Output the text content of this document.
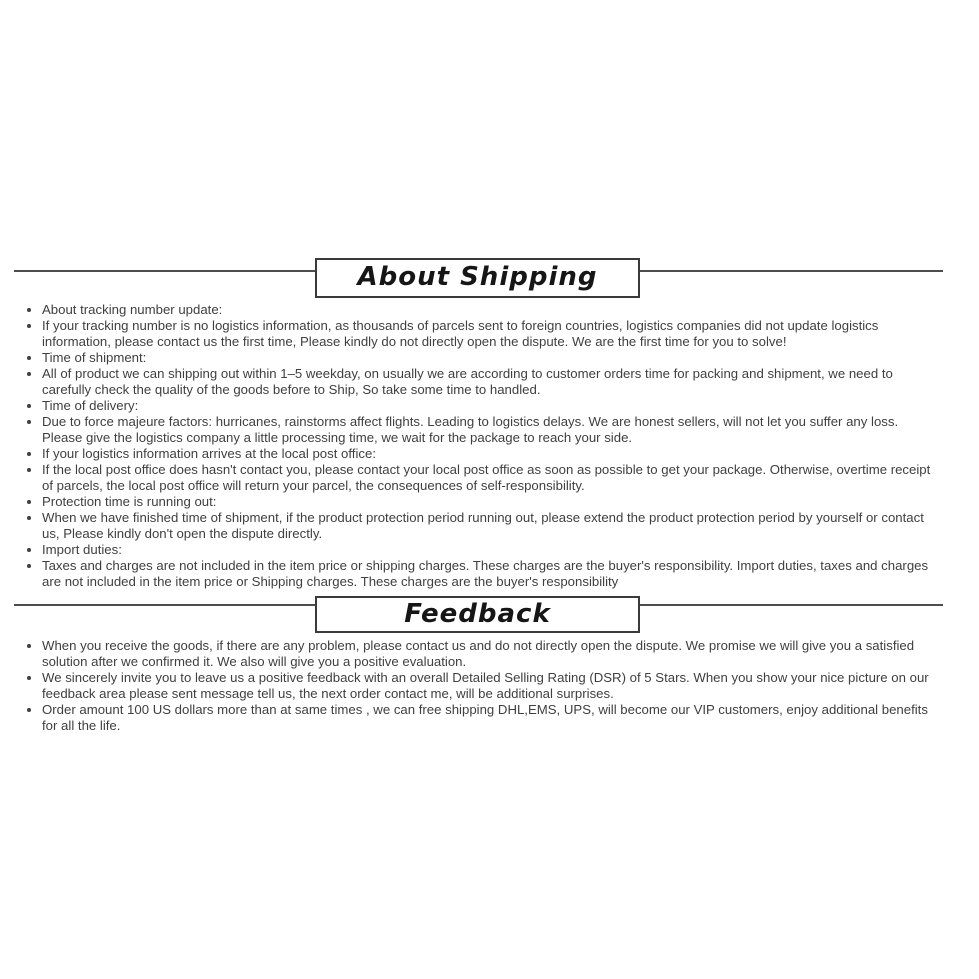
About Shipping
• About tracking number update:
• If your tracking number is no logistics information, as thousands of parcels sent to foreign countries, logistics companies did not update logistics information, please contact us the first time, Please kindly do not directly open the dispute. We are the first time for you to solve!
• Time of shipment:
• All of product we can shipping out within 1–5 weekday, on usually we are according to customer orders time for packing and shipment, we need to carefully check the quality of the goods before to Ship, So take some time to handled.
• Time of delivery:
• Due to force majeure factors: hurricanes, rainstorms affect flights. Leading to logistics delays. We are honest sellers, will not let you suffer any loss. Please give the logistics company a little processing time, we wait for the package to reach your side.
• If your logistics information arrives at the local post office:
• If the local post office does hasn't contact you, please contact your local post office as soon as possible to get your package. Otherwise, overtime receipt of parcels, the local post office will return your parcel, the consequences of self-responsibility.
• Protection time is running out:
• When we have finished time of shipment, if the product protection period running out, please extend the product protection period by yourself or contact us, Please kindly don't open the dispute directly.
• Import duties:
• Taxes and charges are not included in the item price or shipping charges. These charges are the buyer's responsibility. Import duties, taxes and charges are not included in the item price or Shipping charges. These charges are the buyer's responsibility
Feedback
• When you receive the goods, if there are any problem, please contact us and do not directly open the dispute. We promise we will give you a satisfied solution after we confirmed it. We also will give you a positive evaluation.
• We sincerely invite you to leave us a positive feedback with an overall Detailed Selling Rating (DSR) of 5 Stars. When you show your nice picture on our feedback area please sent message tell us, the next order contact me, will be additional surprises.
• Order amount 100 US dollars more than at same times , we can free shipping DHL,EMS, UPS, will become our VIP customers, enjoy additional benefits for all the life.
